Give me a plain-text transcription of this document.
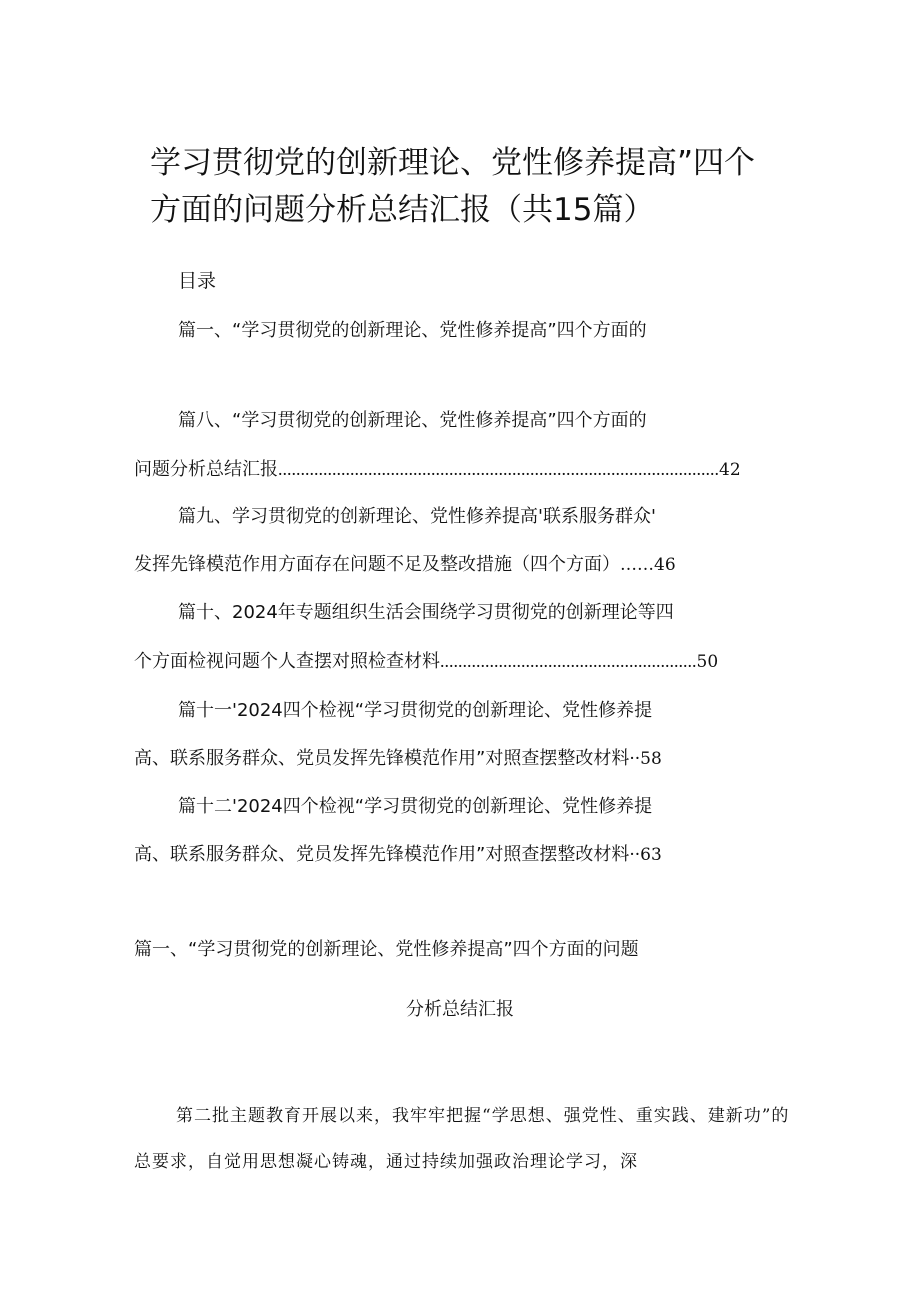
学习贯彻党的创新理论、党性修养提高”四个
方面的问题分析总结汇报（共15篇）
目录
篇一、“学习贯彻党的创新理论、党性修养提高”四个方面的
篇八、“学习贯彻党的创新理论、党性修养提高”四个方面的
问题分析总结汇报..................................................................................................42
篇九、学习贯彻党的创新理论、党性修养提高'联系服务群众'
发挥先锋模范作用方面存在问题不足及整改措施（四个方面）……46
篇十、2024年专题组织生活会围绕学习贯彻党的创新理论等四
个方面检视问题个人查摆对照检查材料.........................................................50
篇十一'2024四个检视“学习贯彻党的创新理论、党性修养提
高、联系服务群众、党员发挥先锋模范作用”对照查摆整改材料··58
篇十二'2024四个检视“学习贯彻党的创新理论、党性修养提
高、联系服务群众、党员发挥先锋模范作用”对照查摆整改材料··63
篇一、“学习贯彻党的创新理论、党性修养提高”四个方面的问题
分析总结汇报

第二批主题教育开展以来，我牢牢把握“学思想、强党性、重实践、建新功”的总要求，自觉用思想凝心铸魂，通过持续加强政治理论学习，深
